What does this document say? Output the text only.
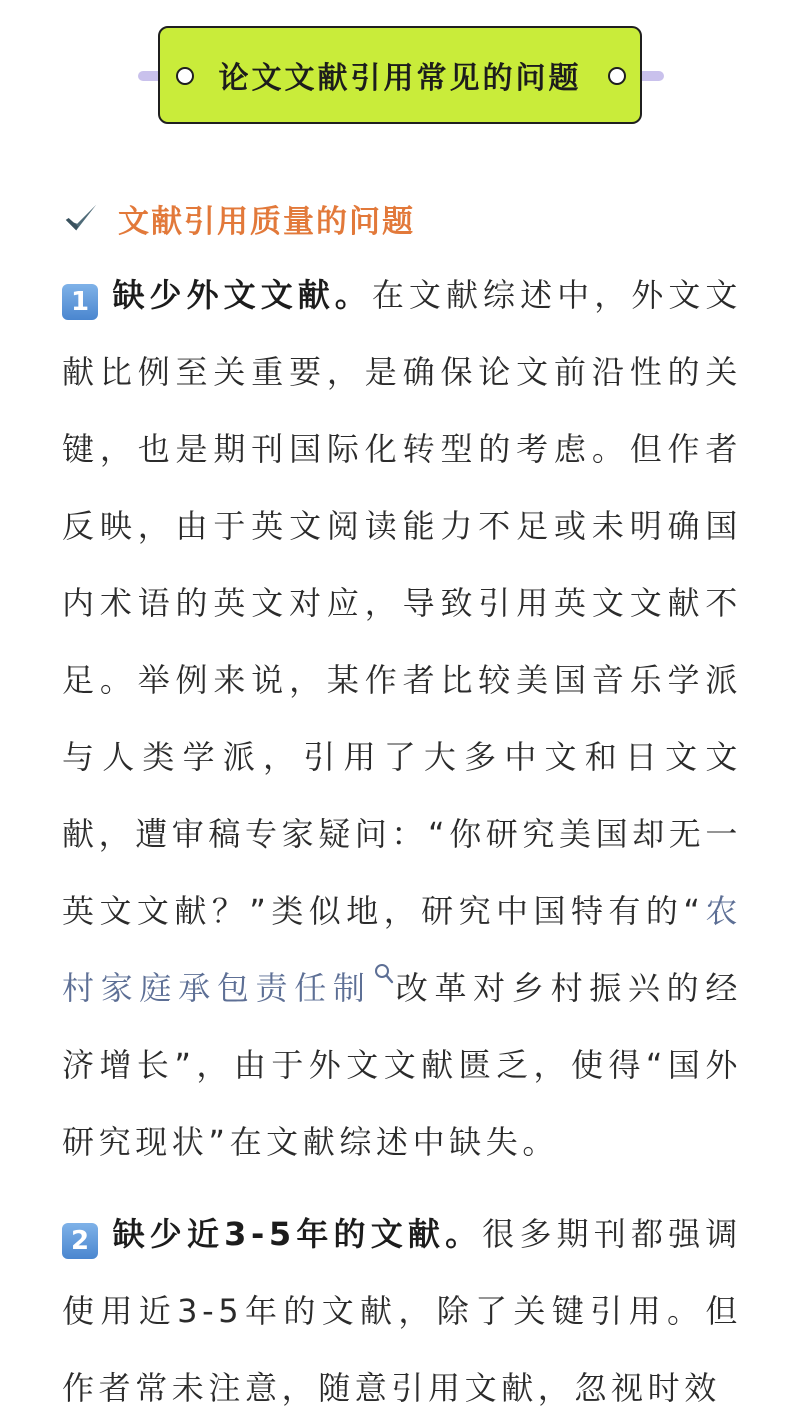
论文文献引用常见的问题
文献引用质量的问题
1 缺少外文文献。在文献综述中，外文文献比例至关重要，是确保论文前沿性的关键，也是期刊国际化转型的考虑。但作者反映，由于英文阅读能力不足或未明确国内术语的英文对应，导致引用英文文献不足。举例来说，某作者比较美国音乐学派与人类学派，引用了大多中文和日文文献，遭审稿专家疑问：“你研究美国却无一英文文献？”类似地，研究中国特有的“农村家庭承包责任制 改革对乡村振兴的经济增长”，由于外文文献匮乏，使得“国外研究现状”在文献综述中缺失。
2 缺少近3-5年的文献。很多期刊都强调使用近3-5年的文献，除了关键引用。但作者常未注意，随意引用文献，忽视时效
